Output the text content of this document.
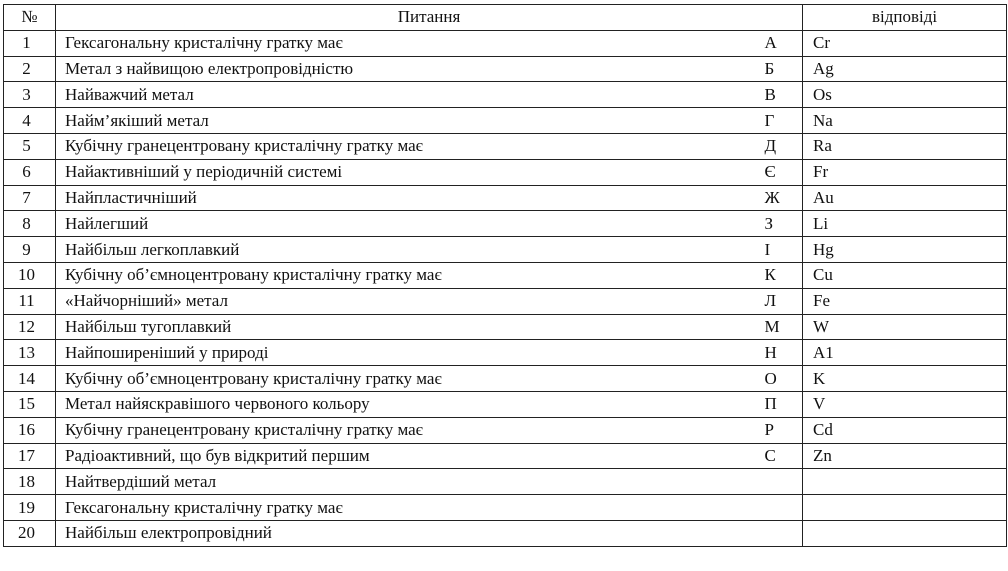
№	Питання		відповіді
1	Гексагональну кристалічну гратку має	А	Cr
2	Метал з найвищою електропровідністю	Б	Ag
3	Найважчий метал	В	Os
4	Найм’якіший метал	Г	Na
5	Кубічну гранецентровану кристалічну гратку має	Д	Ra
6	Найактивніший у періодичній системі	Є	Fr
7	Найпластичніший	Ж	Au
8	Найлегший	З	Li
9	Найбільш легкоплавкий	І	Hg
10	Кубічну об’ємноцентровану кристалічну гратку має	К	Cu
11	«Найчорніший» метал	Л	Fe
12	Найбільш тугоплавкий	М	W
13	Найпоширеніший у природі	Н	A1
14	Кубічну об’ємноцентровану кристалічну гратку має	О	K
15	Метал найяскравішого червоного кольору	П	V
16	Кубічну гранецентровану кристалічну гратку має	Р	Cd
17	Радіоактивний, що був відкритий першим	С	Zn
18	Найтвердіший метал		
19	Гексагональну кристалічну гратку має		
20	Найбільш електропровідний		
